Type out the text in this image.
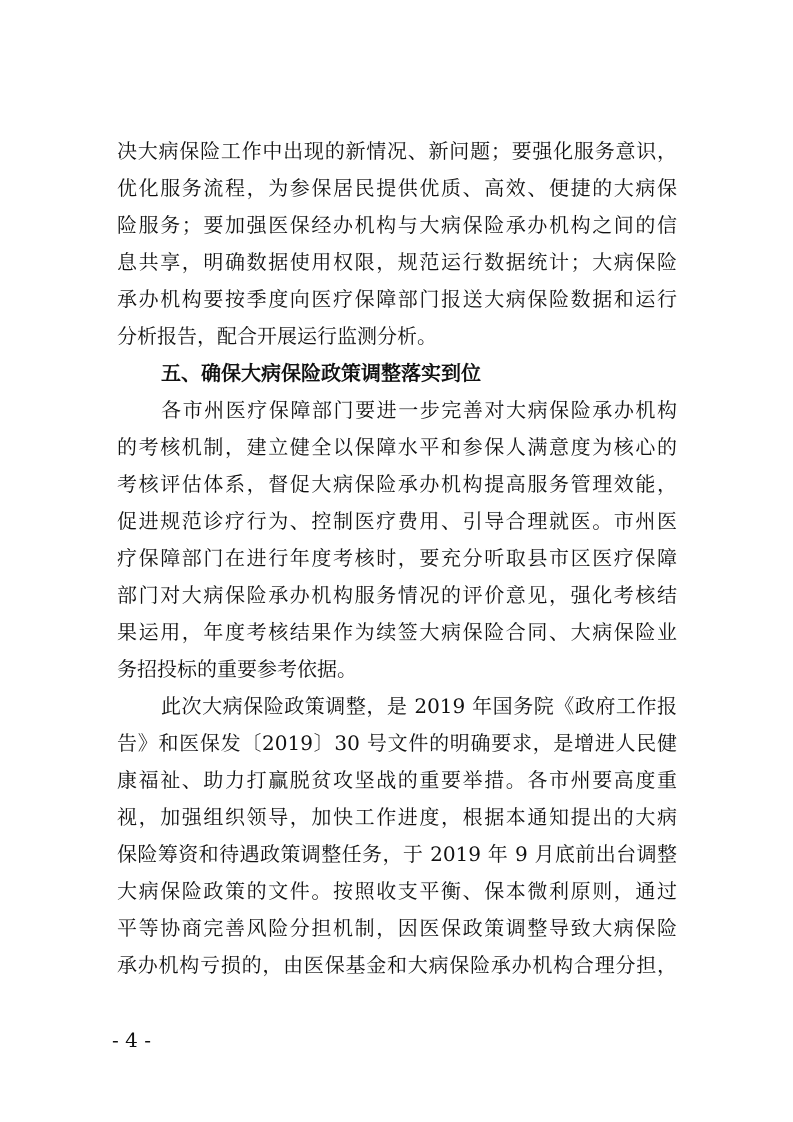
决大病保险工作中出现的新情况、新问题；要强化服务意识，
优化服务流程，为参保居民提供优质、高效、便捷的大病保
险服务；要加强医保经办机构与大病保险承办机构之间的信
息共享，明确数据使用权限，规范运行数据统计；大病保险
承办机构要按季度向医疗保障部门报送大病保险数据和运行
分析报告，配合开展运行监测分析。
五、确保大病保险政策调整落实到位
各市州医疗保障部门要进一步完善对大病保险承办机构
的考核机制，建立健全以保障水平和参保人满意度为核心的
考核评估体系，督促大病保险承办机构提高服务管理效能，
促进规范诊疗行为、控制医疗费用、引导合理就医。市州医
疗保障部门在进行年度考核时，要充分听取县市区医疗保障
部门对大病保险承办机构服务情况的评价意见，强化考核结
果运用，年度考核结果作为续签大病保险合同、大病保险业
务招投标的重要参考依据。
此次大病保险政策调整，是 2019 年国务院《政府工作报
告》和医保发〔2019〕30 号文件的明确要求，是增进人民健
康福祉、助力打赢脱贫攻坚战的重要举措。各市州要高度重
视，加强组织领导，加快工作进度，根据本通知提出的大病
保险筹资和待遇政策调整任务，于 2019 年 9 月底前出台调整
大病保险政策的文件。按照收支平衡、保本微利原则，通过
平等协商完善风险分担机制，因医保政策调整导致大病保险
承办机构亏损的，由医保基金和大病保险承办机构合理分担，
- 4 -
